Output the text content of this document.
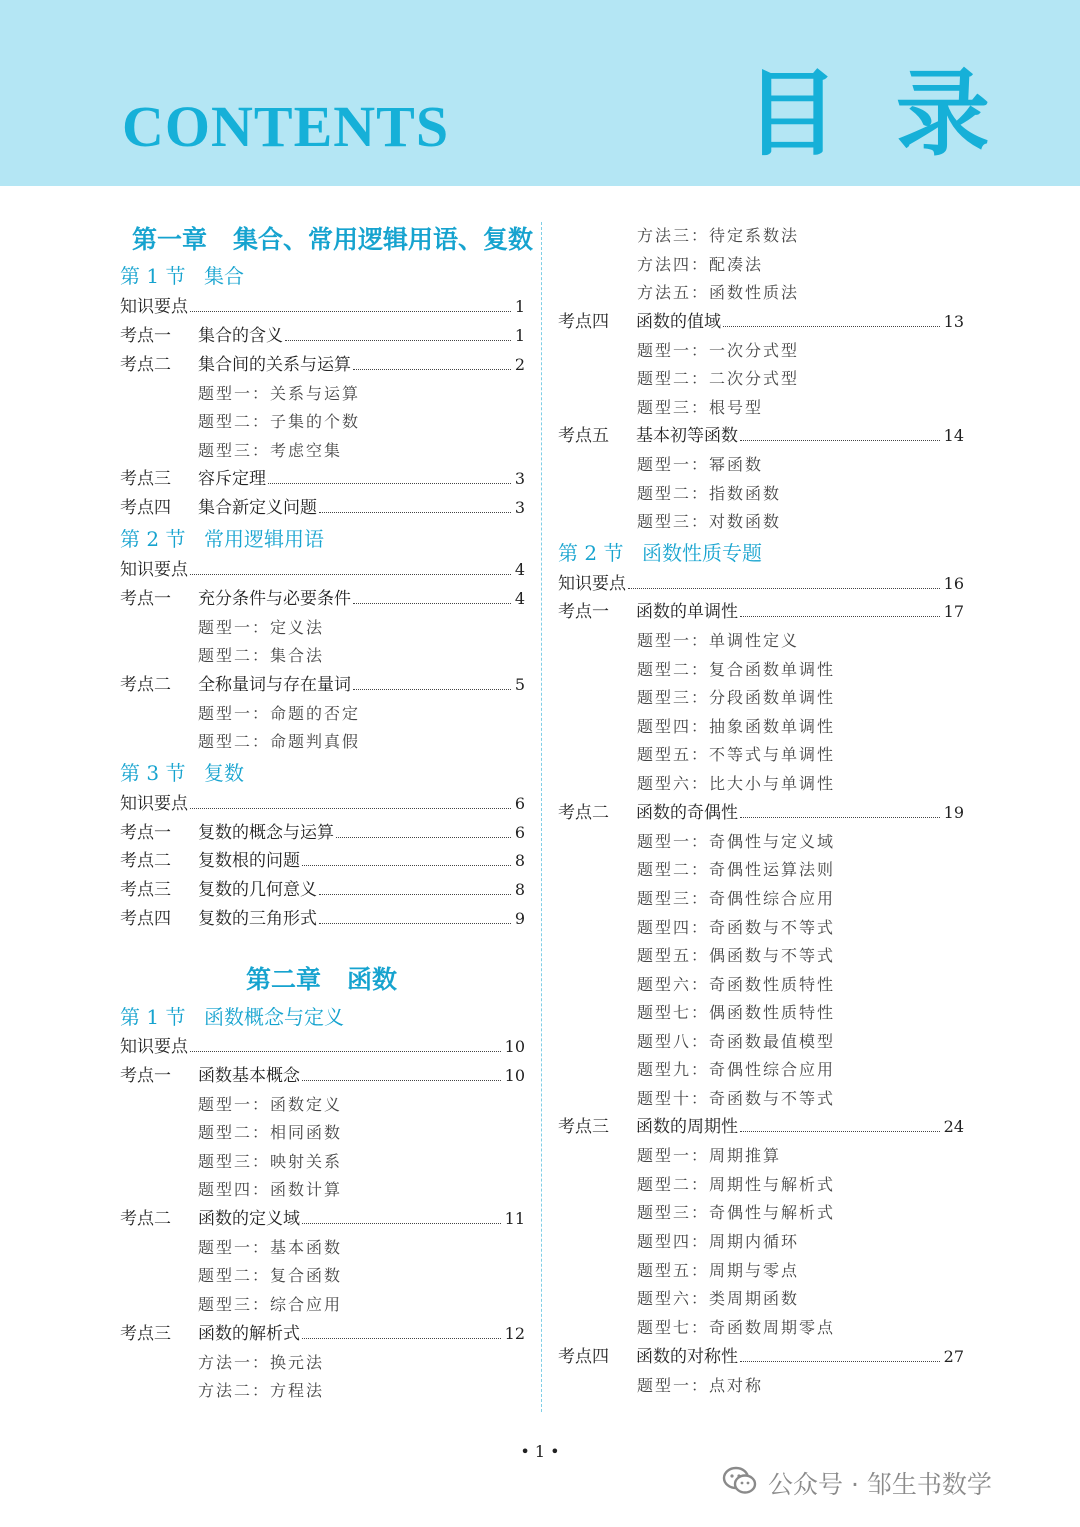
CONTENTS	目 录
第一章 集合、常用逻辑用语、复数
第 1 节 集合
知识要点	1
考点一	集合的含义	1
考点二	集合间的关系与运算	2
题型一：关系与运算
题型二：子集的个数
题型三：考虑空集
考点三	容斥定理	3
考点四	集合新定义问题	3
第 2 节 常用逻辑用语
知识要点	4
考点一	充分条件与必要条件	4
题型一：定义法
题型二：集合法
考点二	全称量词与存在量词	5
题型一：命题的否定
题型二：命题判真假
第 3 节 复数
知识要点	6
考点一	复数的概念与运算	6
考点二	复数根的问题	8
考点三	复数的几何意义	8
考点四	复数的三角形式	9
第二章 函数
第 1 节 函数概念与定义
知识要点	10
考点一	函数基本概念	10
题型一：函数定义
题型二：相同函数
题型三：映射关系
题型四：函数计算
考点二	函数的定义域	11
题型一：基本函数
题型二：复合函数
题型三：综合应用
考点三	函数的解析式	12
方法一：换元法
方法二：方程法
方法三：待定系数法
方法四：配凑法
方法五：函数性质法
考点四	函数的值域	13
题型一：一次分式型
题型二：二次分式型
题型三：根号型
考点五	基本初等函数	14
题型一：幂函数
题型二：指数函数
题型三：对数函数
第 2 节 函数性质专题
知识要点	16
考点一	函数的单调性	17
题型一：单调性定义
题型二：复合函数单调性
题型三：分段函数单调性
题型四：抽象函数单调性
题型五：不等式与单调性
题型六：比大小与单调性
考点二	函数的奇偶性	19
题型一：奇偶性与定义域
题型二：奇偶性运算法则
题型三：奇偶性综合应用
题型四：奇函数与不等式
题型五：偶函数与不等式
题型六：奇函数性质特性
题型七：偶函数性质特性
题型八：奇函数最值模型
题型九：奇偶性综合应用
题型十：奇函数与不等式
考点三	函数的周期性	24
题型一：周期推算
题型二：周期性与解析式
题型三：奇偶性与解析式
题型四：周期内循环
题型五：周期与零点
题型六：类周期函数
题型七：奇函数周期零点
考点四	函数的对称性	27
题型一：点对称
• 1 •
公众号 · 邹生书数学
